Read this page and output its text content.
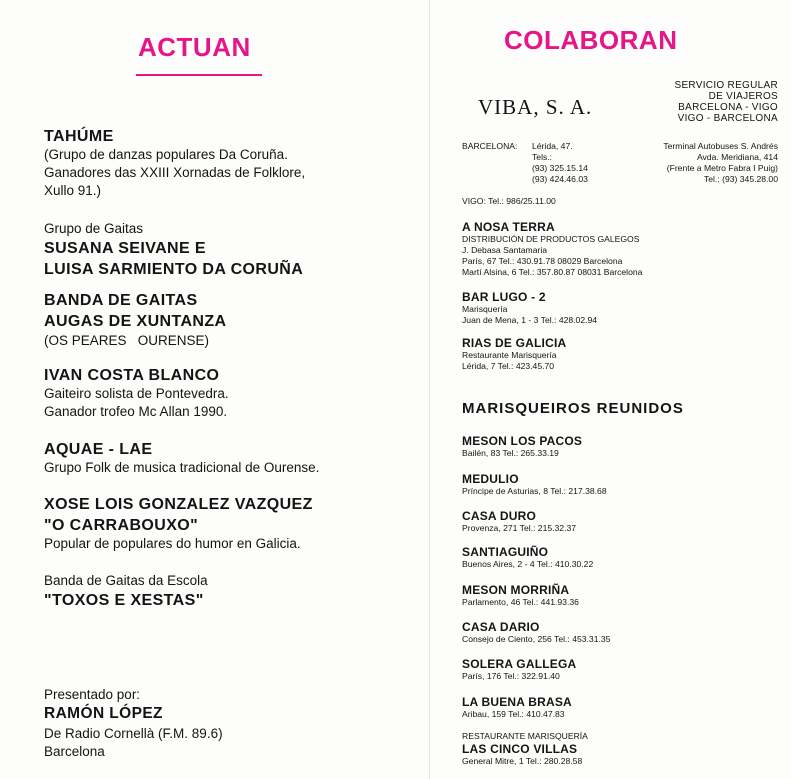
ACTUAN
TAHÚME
(Grupo de danzas populares Da Coruña.
Ganadores das XXIII Xornadas de Folklore,
Xullo 91.)
Grupo de Gaitas
SUSANA SEIVANE E
LUISA SARMIENTO DA CORUÑA
BANDA DE GAITAS
AUGAS DE XUNTANZA
(OS PEARES   OURENSE)
IVAN COSTA BLANCO
Gaiteiro solista de Pontevedra.
Ganador trofeo Mc Allan 1990.
AQUAE - LAE
Grupo Folk de musica tradicional de Ourense.
XOSE LOIS GONZALEZ VAZQUEZ
"O CARRABOUXO"
Popular de populares do humor en Galicia.
Banda de Gaitas da Escola
"TOXOS E XESTAS"
Presentado por:
RAMÓN LÓPEZ
De Radio Cornellà (F.M. 89.6)
Barcelona
COLABORAN
VIBA, S. A.
SERVICIO REGULAR
DE VIAJEROS
BARCELONA - VIGO
VIGO - BARCELONA
BARCELONA: Lérida, 47.
Tels.:
(93) 325.15.14
(93) 424.46.03
Terminal Autobuses S. Andrés
Avda. Meridiana, 414
(Frente a Metro Fabra I Puig)
Tel.: (93) 345.28.00
VIGO: Tel.: 986/25.11.00
A NOSA TERRA
DISTRIBUCIÓN DE PRODUCTOS GALEGOS
J. Debasa Santamaria
París, 67 Tel.: 430.91.78 08029 Barcelona
Martí Alsina, 6 Tel.: 357.80.87 08031 Barcelona
BAR LUGO - 2
Marisquería
Juan de Mena, 1 - 3 Tel.: 428.02.94
RIAS DE GALICIA
Restaurante Marisquería
Lérida, 7 Tel.: 423.45.70
MARISQUEIROS REUNIDOS
MESON LOS PACOS
Bailén, 83 Tel.: 265.33.19
MEDULIO
Príncipe de Asturias, 8 Tel.: 217.38.68
CASA DURO
Provenza, 271 Tel.: 215.32.37
SANTIAGUIÑO
Buenos Aires, 2 - 4 Tel.: 410.30.22
MESON MORRIÑA
Parlamento, 46 Tel.: 441.93.36
CASA DARIO
Consejo de Ciento, 256 Tel.: 453.31.35
SOLERA GALLEGA
París, 176 Tel.: 322.91.40
LA BUENA BRASA
Aribau, 159 Tel.: 410.47.83
RESTAURANTE MARISQUERÍA
LAS CINCO VILLAS
General Mitre, 1 Tel.: 280.28.58
